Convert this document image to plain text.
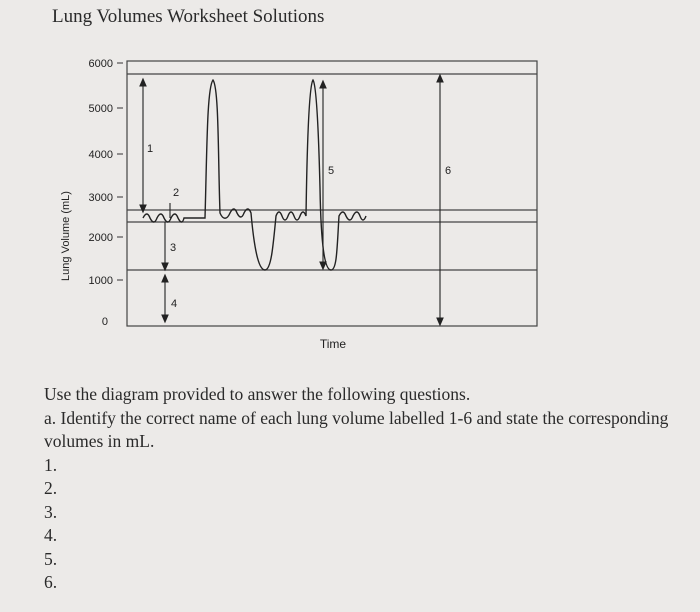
Lung Volumes Worksheet Solutions
Lung Volume (mL)
6000
5000
4000
3000
2000
1000
0
1
2
3
4
5	6
Time

Use the diagram provided to answer the following questions.

a. Identify the correct name of each lung volume labelled 1-6 and state the corresponding volumes in mL.

1.
2.
3.
4.
5.
6.
